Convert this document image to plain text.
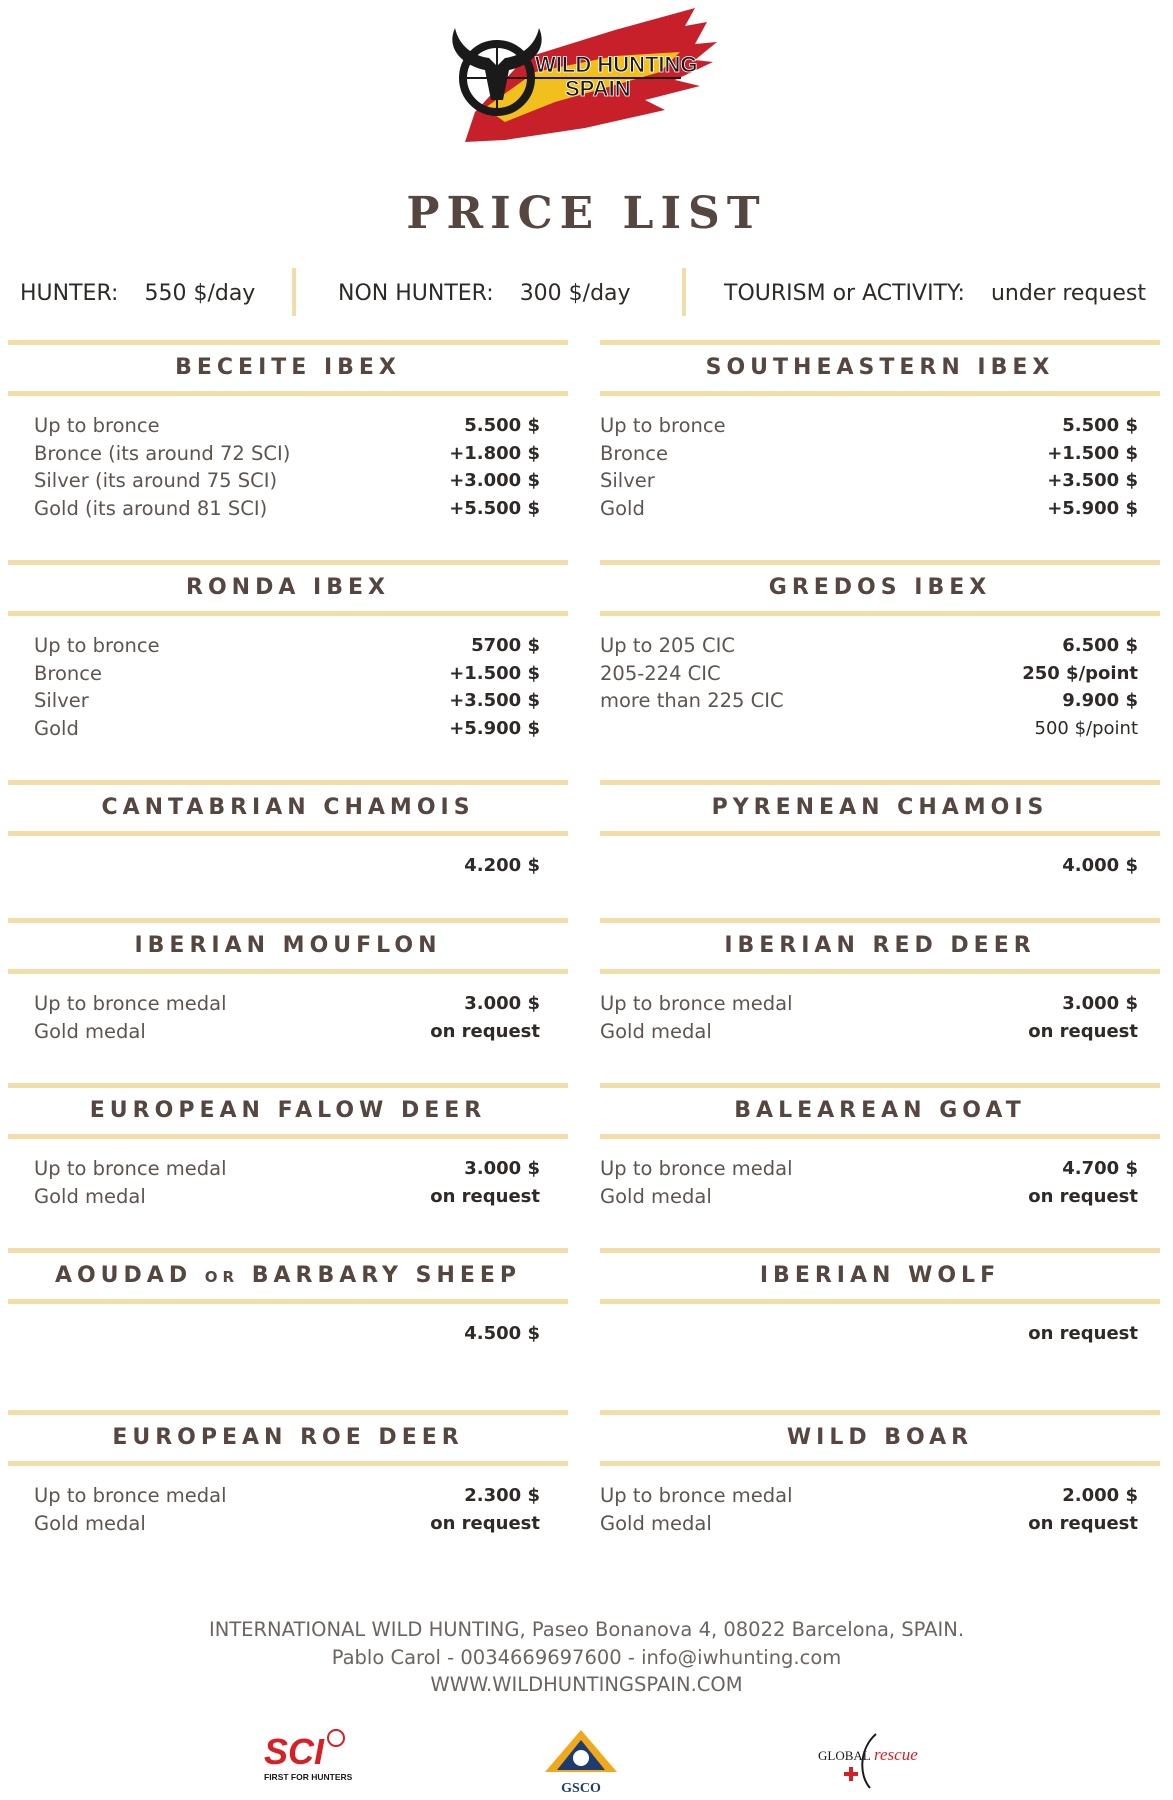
WILD HUNTING
SPAIN
PRICE LIST
HUNTER: 550 $/day	NON HUNTER: 300 $/day	TOURISM or ACTIVITY: under request
BECEITE IBEX
Up to bronce	5.500 $
Bronce (its around 72 SCI)	+1.800 $
Silver (its around 75 SCI)	+3.000 $
Gold (its around 81 SCI)	+5.500 $
SOUTHEASTERN IBEX
Up to bronce	5.500 $
Bronce	+1.500 $
Silver	+3.500 $
Gold	+5.900 $
RONDA IBEX
Up to bronce	5700 $
Bronce	+1.500 $
Silver	+3.500 $
Gold	+5.900 $
GREDOS IBEX
Up to 205 CIC	6.500 $
205-224 CIC	250 $/point
more than 225 CIC	9.900 $
500 $/point
CANTABRIAN CHAMOIS
4.200 $
PYRENEAN CHAMOIS
4.000 $
IBERIAN MOUFLON
Up to bronce medal	3.000 $
Gold medal	on request
IBERIAN RED DEER
Up to bronce medal	3.000 $
Gold medal	on request
EUROPEAN FALOW DEER
Up to bronce medal	3.000 $
Gold medal	on request
BALEAREAN GOAT
Up to bronce medal	4.700 $
Gold medal	on request
AOUDAD OR BARBARY SHEEP
4.500 $
IBERIAN WOLF
on request
EUROPEAN ROE DEER
Up to bronce medal	2.300 $
Gold medal	on request
WILD BOAR
Up to bronce medal	2.000 $
Gold medal	on request
INTERNATIONAL WILD HUNTING, Paseo Bonanova 4, 08022 Barcelona, SPAIN.
Pablo Carol - 0034669697600 - info@iwhunting.com
WWW.WILDHUNTINGSPAIN.COM
SCI
FIRST FOR HUNTERS
GSCO
GLOBAL rescue
